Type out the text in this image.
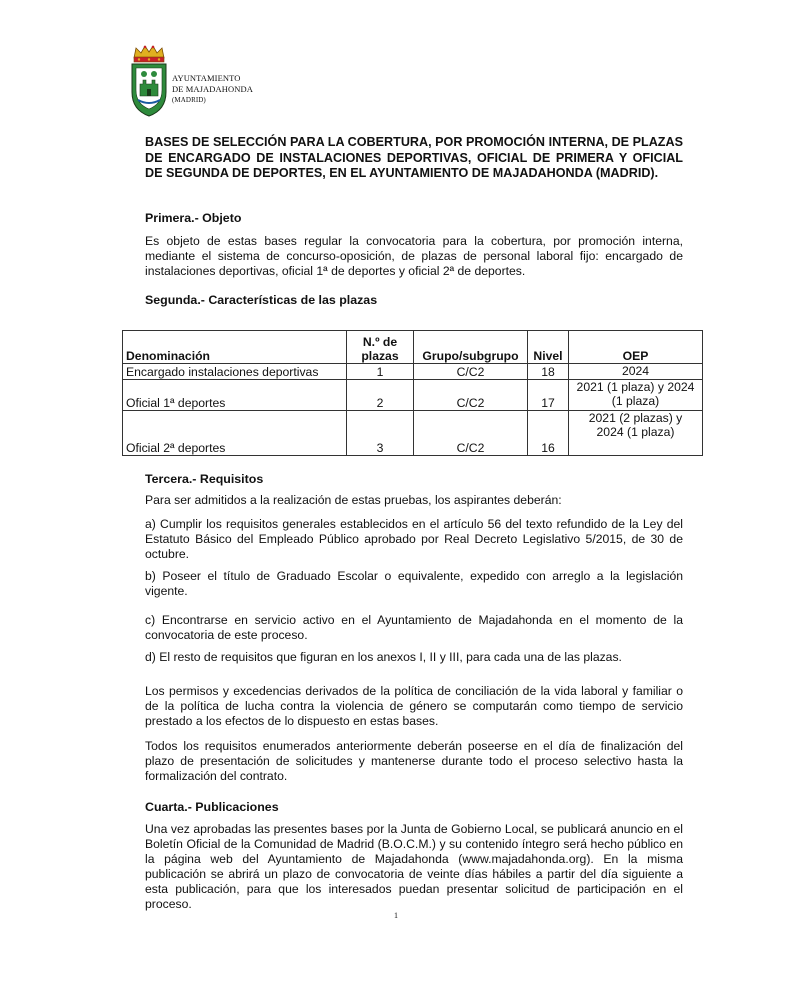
AYUNTAMIENTO
DE MAJADAHONDA
(MADRID)
BASES DE SELECCIÓN PARA LA COBERTURA, POR PROMOCIÓN INTERNA, DE PLAZAS DE ENCARGADO DE INSTALACIONES DEPORTIVAS, OFICIAL DE PRIMERA Y OFICIAL DE SEGUNDA DE DEPORTES, EN EL AYUNTAMIENTO DE MAJADAHONDA (MADRID).
Primera.- Objeto
Es objeto de estas bases regular la convocatoria para la cobertura, por promoción interna, mediante el sistema de concurso-oposición, de plazas de personal laboral fijo: encargado de instalaciones deportivas, oficial 1ª de deportes y oficial 2ª de deportes.
Segunda.- Características de las plazas
Denominación	N.º de plazas	Grupo/subgrupo	Nivel	OEP
Encargado instalaciones deportivas	1	C/C2	18	2024
Oficial 1ª deportes	2	C/C2	17	2021 (1 plaza) y 2024 (1 plaza)
Oficial 2ª deportes	3	C/C2	16	2021 (2 plazas) y 2024 (1 plaza)
Tercera.- Requisitos
Para ser admitidos a la realización de estas pruebas, los aspirantes deberán:
a) Cumplir los requisitos generales establecidos en el artículo 56 del texto refundido de la Ley del Estatuto Básico del Empleado Público aprobado por Real Decreto Legislativo 5/2015, de 30 de octubre.
b) Poseer el título de Graduado Escolar o equivalente, expedido con arreglo a la legislación vigente.
c) Encontrarse en servicio activo en el Ayuntamiento de Majadahonda en el momento de la convocatoria de este proceso.
d) El resto de requisitos que figuran en los anexos I, II y III, para cada una de las plazas.
Los permisos y excedencias derivados de la política de conciliación de la vida laboral y familiar o de la política de lucha contra la violencia de género se computarán como tiempo de servicio prestado a los efectos de lo dispuesto en estas bases.
Todos los requisitos enumerados anteriormente deberán poseerse en el día de finalización del plazo de presentación de solicitudes y mantenerse durante todo el proceso selectivo hasta la formalización del contrato.
Cuarta.- Publicaciones
Una vez aprobadas las presentes bases por la Junta de Gobierno Local, se publicará anuncio en el Boletín Oficial de la Comunidad de Madrid (B.O.C.M.) y su contenido íntegro será hecho público en la página web del Ayuntamiento de Majadahonda (www.majadahonda.org). En la misma publicación se abrirá un plazo de convocatoria de veinte días hábiles a partir del día siguiente a esta publicación, para que los interesados puedan presentar solicitud de participación en el proceso.
1
